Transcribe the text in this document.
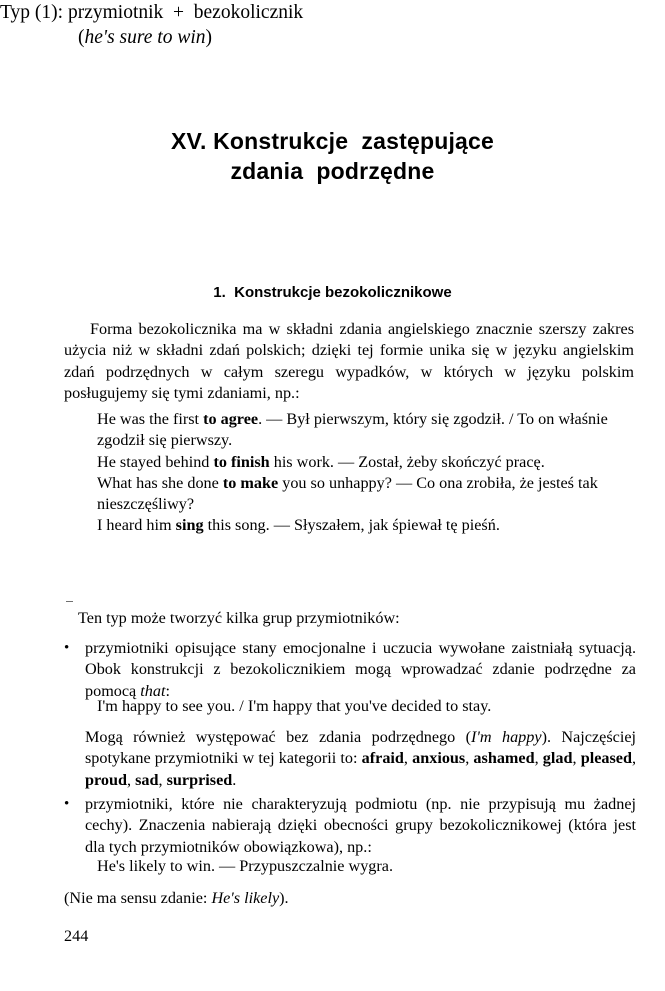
XV. Konstrukcje  zastępujące
zdania  podrzędne
1.  Konstrukcje bezokolicznikowe
Forma bezokolicznika ma w składni zdania angielskiego znacznie szerszy zakres użycia niż w składni zdań polskich; dzięki tej formie unika się w języku angielskim zdań podrzędnych w całym szeregu wypadków, w których w języku polskim posługujemy się tymi zdaniami, np.:
He was the first to agree. — Był pierwszym, który się zgodził. / To on właśnie zgodził się pierwszy.
He stayed behind to finish his work. — Został, żeby skończyć pracę.
What has she done to make you so unhappy? — Co ona zrobiła, że jesteś tak nieszczęśliwy?
I heard him sing this song. — Słyszałem, jak śpiewał tę pieśń.
Typ (1): przymiotnik  +  bezokolicznik
(he's sure to win)
Ten typ może tworzyć kilka grup przymiotników:
• przymiotniki opisujące stany emocjonalne i uczucia wywołane zaistniałą sytuacją. Obok konstrukcji z bezokolicznikiem mogą wprowadzać zdanie podrzędne za pomocą that:
I'm happy to see you. / I'm happy that you've decided to stay.
Mogą również występować bez zdania podrzędnego (I'm happy). Najczęściej spotykane przymiotniki w tej kategorii to: afraid, anxious, ashamed, glad, pleased, proud, sad, surprised.
• przymiotniki, które nie charakteryzują podmiotu (np. nie przypisują mu żadnej cechy). Znaczenia nabierają dzięki obecności grupy bezokolicznikowej (która jest dla tych przymiotników obowiązkowa), np.:
He's likely to win. — Przypuszczalnie wygra.
(Nie ma sensu zdanie: He's likely).
244
